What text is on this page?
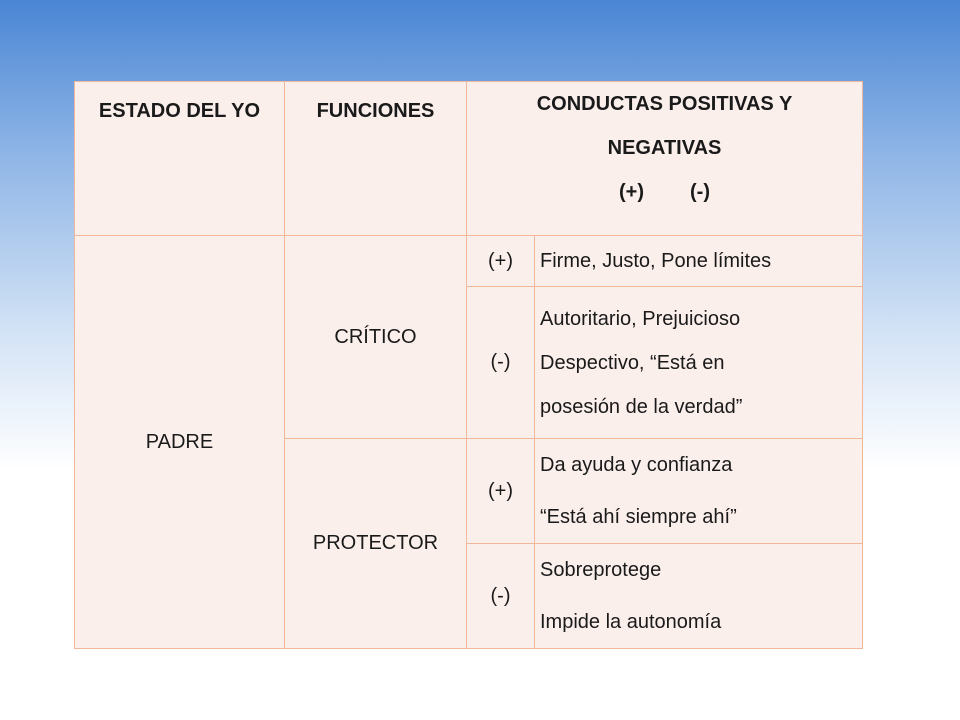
ESTADO DEL YO	FUNCIONES	CONDUCTAS POSITIVAS Y
NEGATIVAS
(+) (-)	

PADRE	CRÍTICO	(+)	Firme, Justo, Pone límites

		(-)	Autoritario, Prejuicioso
Despectivo, “Está en
posesión de la verdad”

	PROTECTOR	(+)	Da ayuda y confianza
“Está ahí siempre ahí”

		(-)	Sobreprotege
Impide la autonomía
